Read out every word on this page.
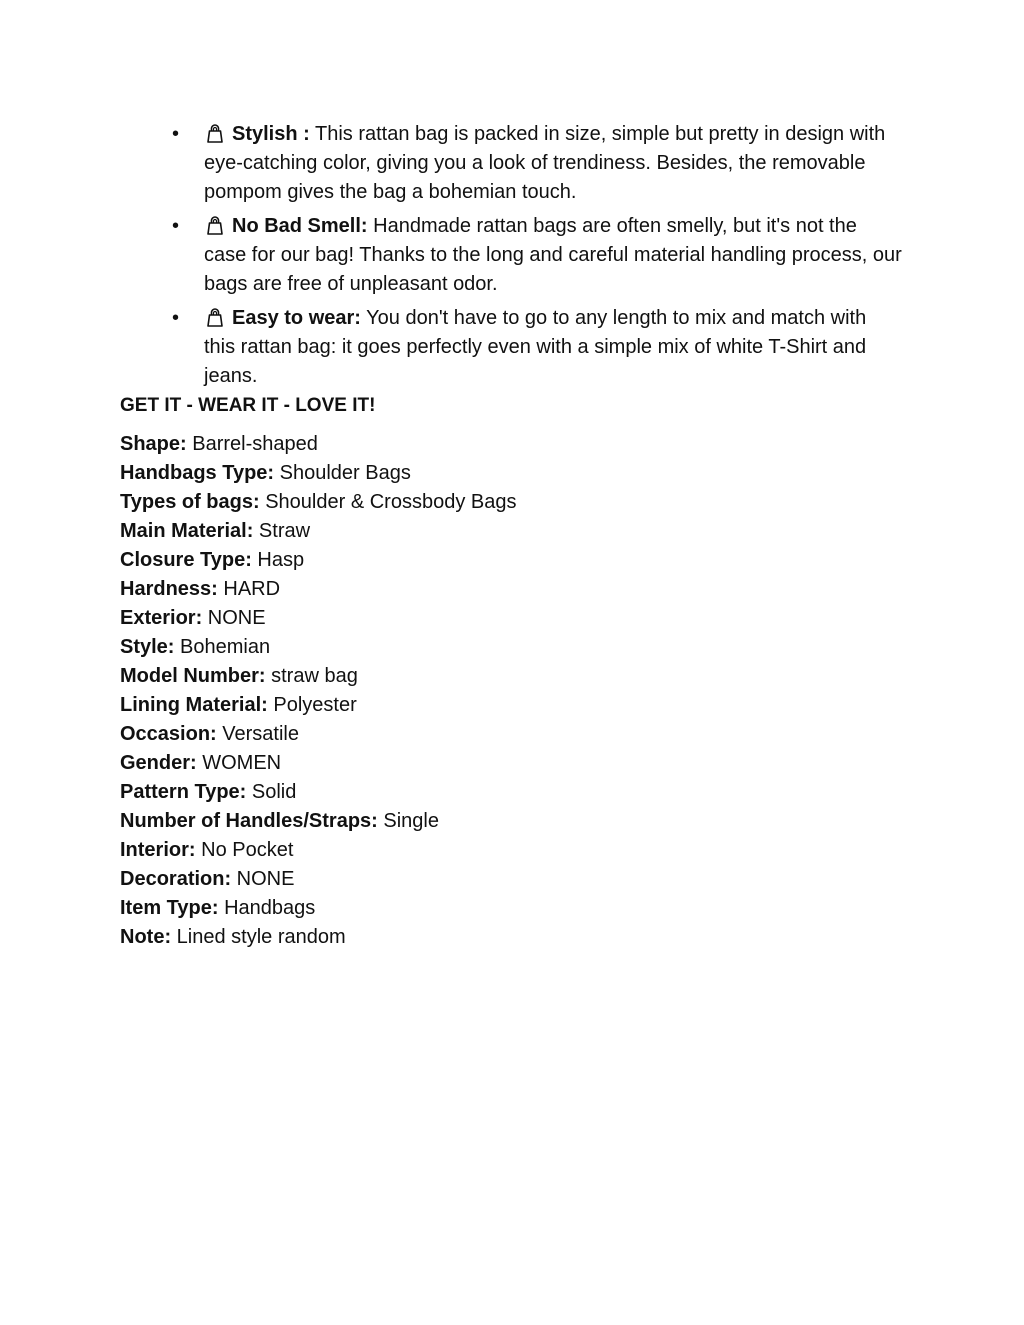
•	Stylish : This rattan bag is packed in size, simple but pretty in design with eye-catching color, giving you a look of trendiness. Besides, the removable pompom gives the bag a bohemian touch.
•	No Bad Smell: Handmade rattan bags are often smelly, but it's not the case for our bag! Thanks to the long and careful material handling process, our bags are free of unpleasant odor.
•	Easy to wear: You don't have to go to any length to mix and match with this rattan bag: it goes perfectly even with a simple mix of white T-Shirt and jeans.

GET IT - WEAR IT - LOVE IT!

Shape: Barrel-shaped
Handbags Type: Shoulder Bags
Types of bags: Shoulder & Crossbody Bags
Main Material: Straw
Closure Type: Hasp
Hardness: HARD
Exterior: NONE
Style: Bohemian
Model Number: straw bag
Lining Material: Polyester
Occasion: Versatile
Gender: WOMEN
Pattern Type: Solid
Number of Handles/Straps: Single
Interior: No Pocket
Decoration: NONE
Item Type: Handbags
Note: Lined style random
